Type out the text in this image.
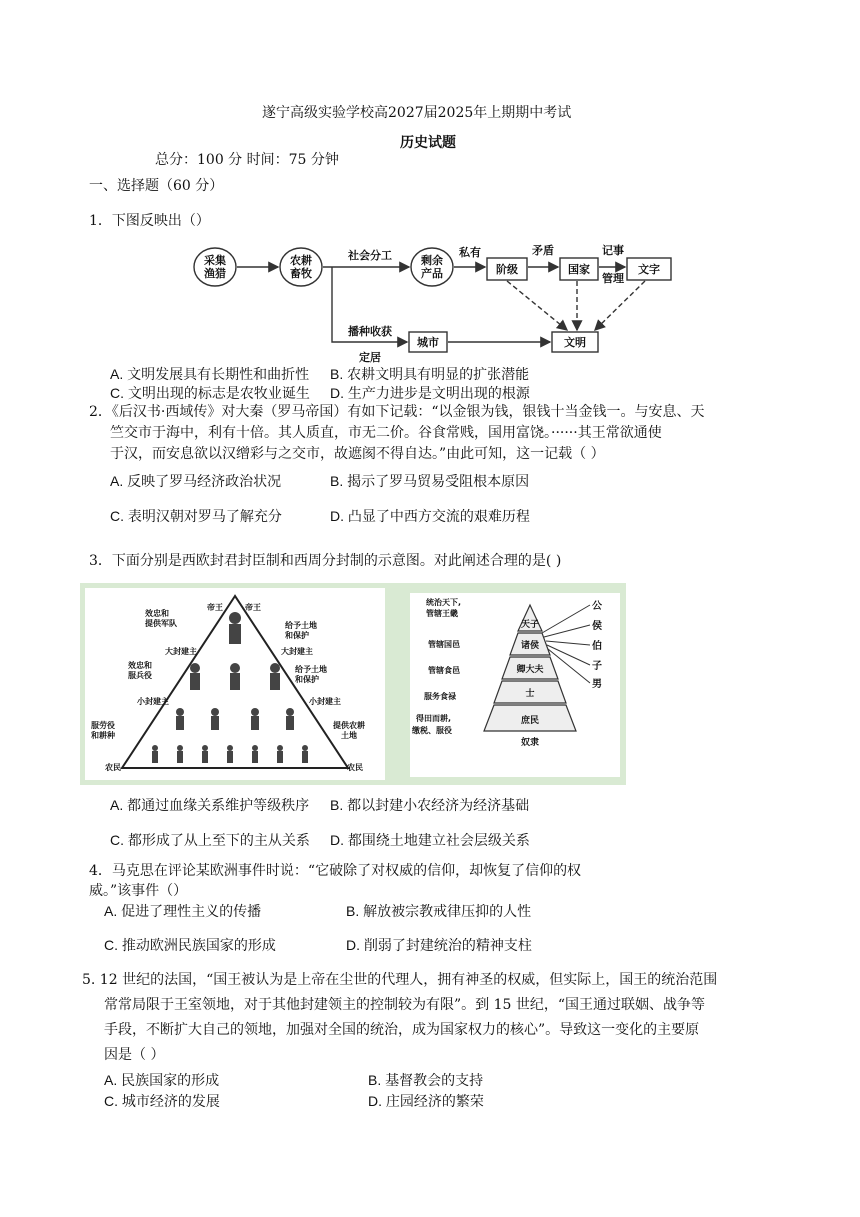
遂宁高级实验学校高2027届2025年上期期中考试
历史试题
总分：100 分 时间：75 分钟
一、选择题（60 分）
1．下图反映出（）
采集
渔猎
农耕
畜牧
社会分工	剩余
产品
私有
阶级
矛盾
国家
记事
管理
文字
播种收获
定居
城市	文明
A. 文明发展具有长期性和曲折性 B. 农耕文明具有明显的扩张潜能
C. 文明出现的标志是农牧业诞生 D. 生产力进步是文明出现的根源
2．《后汉书·西域传》对大秦（罗马帝国）有如下记载：“以金银为钱，银钱十当金钱一。与安息、天
竺交市于海中，利有十倍。其人质直，市无二价。谷食常贱，国用富饶。······其王常欲通使
于汉，而安息欲以汉缯彩与之交市，故遮阂不得自达。”由此可知，这一记载（ ）
A. 反映了罗马经济政治状况	B. 揭示了罗马贸易受阻根本原因
C. 表明汉朝对罗马了解充分	D. 凸显了中西方交流的艰难历程
3．下面分别是西欧封君封臣制和西周分封制的示意图。对此阐述合理的是( )
帝王	帝王
效忠和
提供军队	给予土地
和保护
大封建主	大封建主
效忠和
服兵役
给予土地
和保护
小封建主	小封建主
服劳役
和耕种
提供农耕
土地
农民	农民
天子
诸侯
卿大夫
士
庶民
奴隶
统治天下,
管辖王畿
管辖国邑
管辖食邑
服务食禄
得田而耕,
缴税、服役
公
侯
伯
子
男
A. 都通过血缘关系维护等级秩序 B. 都以封建小农经济为经济基础
C. 都形成了从上至下的主从关系 D. 都围绕土地建立社会层级关系
4．马克思在评论某欧洲事件时说：“它破除了对权威的信仰，却恢复了信仰的权
威。”该事件（）
A. 促进了理性主义的传播	B. 解放被宗教戒律压抑的人性
C. 推动欧洲民族国家的形成	D. 削弱了封建统治的精神支柱
5. 12 世纪的法国，“国王被认为是上帝在尘世的代理人，拥有神圣的权威，但实际上，国王的统治范围
常常局限于王室领地，对于其他封建领主的控制较为有限”。到 15 世纪，“国王通过联姻、战争等
手段，不断扩大自己的领地，加强对全国的统治，成为国家权力的核心”。导致这一变化的主要原
因是（ ）
A. 民族国家的形成	B. 基督教会的支持
C. 城市经济的发展	D. 庄园经济的繁荣
